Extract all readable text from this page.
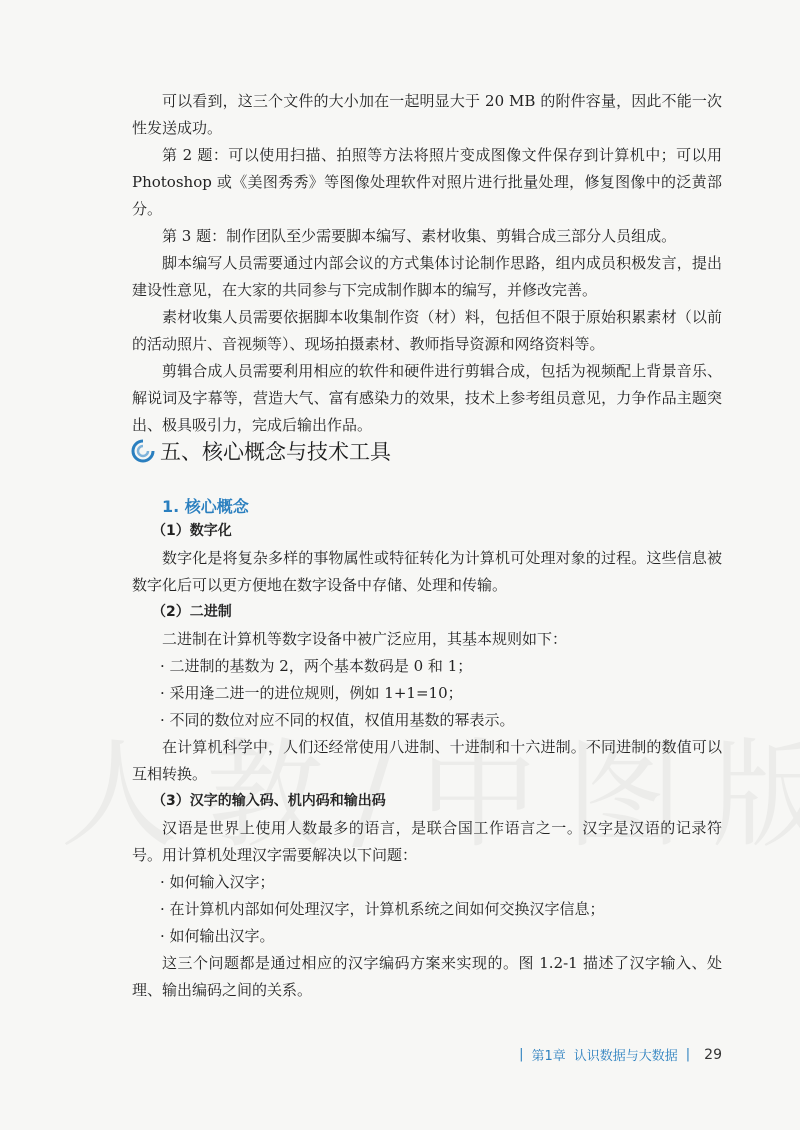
可以看到，这三个文件的大小加在一起明显大于 20 MB 的附件容量，因此不能一次性发送成功。

第 2 题：可以使用扫描、拍照等方法将照片变成图像文件保存到计算机中；可以用 Photoshop 或《美图秀秀》等图像处理软件对照片进行批量处理，修复图像中的泛黄部分。

第 3 题：制作团队至少需要脚本编写、素材收集、剪辑合成三部分人员组成。

脚本编写人员需要通过内部会议的方式集体讨论制作思路，组内成员积极发言，提出建设性意见，在大家的共同参与下完成制作脚本的编写，并修改完善。

素材收集人员需要依据脚本收集制作资（材）料，包括但不限于原始积累素材（以前的活动照片、音视频等）、现场拍摄素材、教师指导资源和网络资料等。

剪辑合成人员需要利用相应的软件和硬件进行剪辑合成，包括为视频配上背景音乐、解说词及字幕等，营造大气、富有感染力的效果，技术上参考组员意见，力争作品主题突出、极具吸引力，完成后输出作品。

五、核心概念与技术工具
1. 核心概念

（1）数字化

数字化是将复杂多样的事物属性或特征转化为计算机可处理对象的过程。这些信息被数字化后可以更方便地在数字设备中存储、处理和传输。

（2）二进制

二进制在计算机等数字设备中被广泛应用，其基本规则如下：

· 二进制的基数为 2，两个基本数码是 0 和 1；

· 采用逢二进一的进位规则，例如 1+1=10；

· 不同的数位对应不同的权值，权值用基数的幂表示。

在计算机科学中，人们还经常使用八进制、十进制和十六进制。不同进制的数值可以互相转换。

（3）汉字的输入码、机内码和输出码

汉语是世界上使用人数最多的语言，是联合国工作语言之一。汉字是汉语的记录符号。用计算机处理汉字需要解决以下问题：

· 如何输入汉字；

· 在计算机内部如何处理汉字，计算机系统之间如何交换汉字信息；

· 如何输出汉字。

这三个问题都是通过相应的汉字编码方案来实现的。图 1.2-1 描述了汉字输入、处理、输出编码之间的关系。

| 第1章 认识数据与大数据 | 29
